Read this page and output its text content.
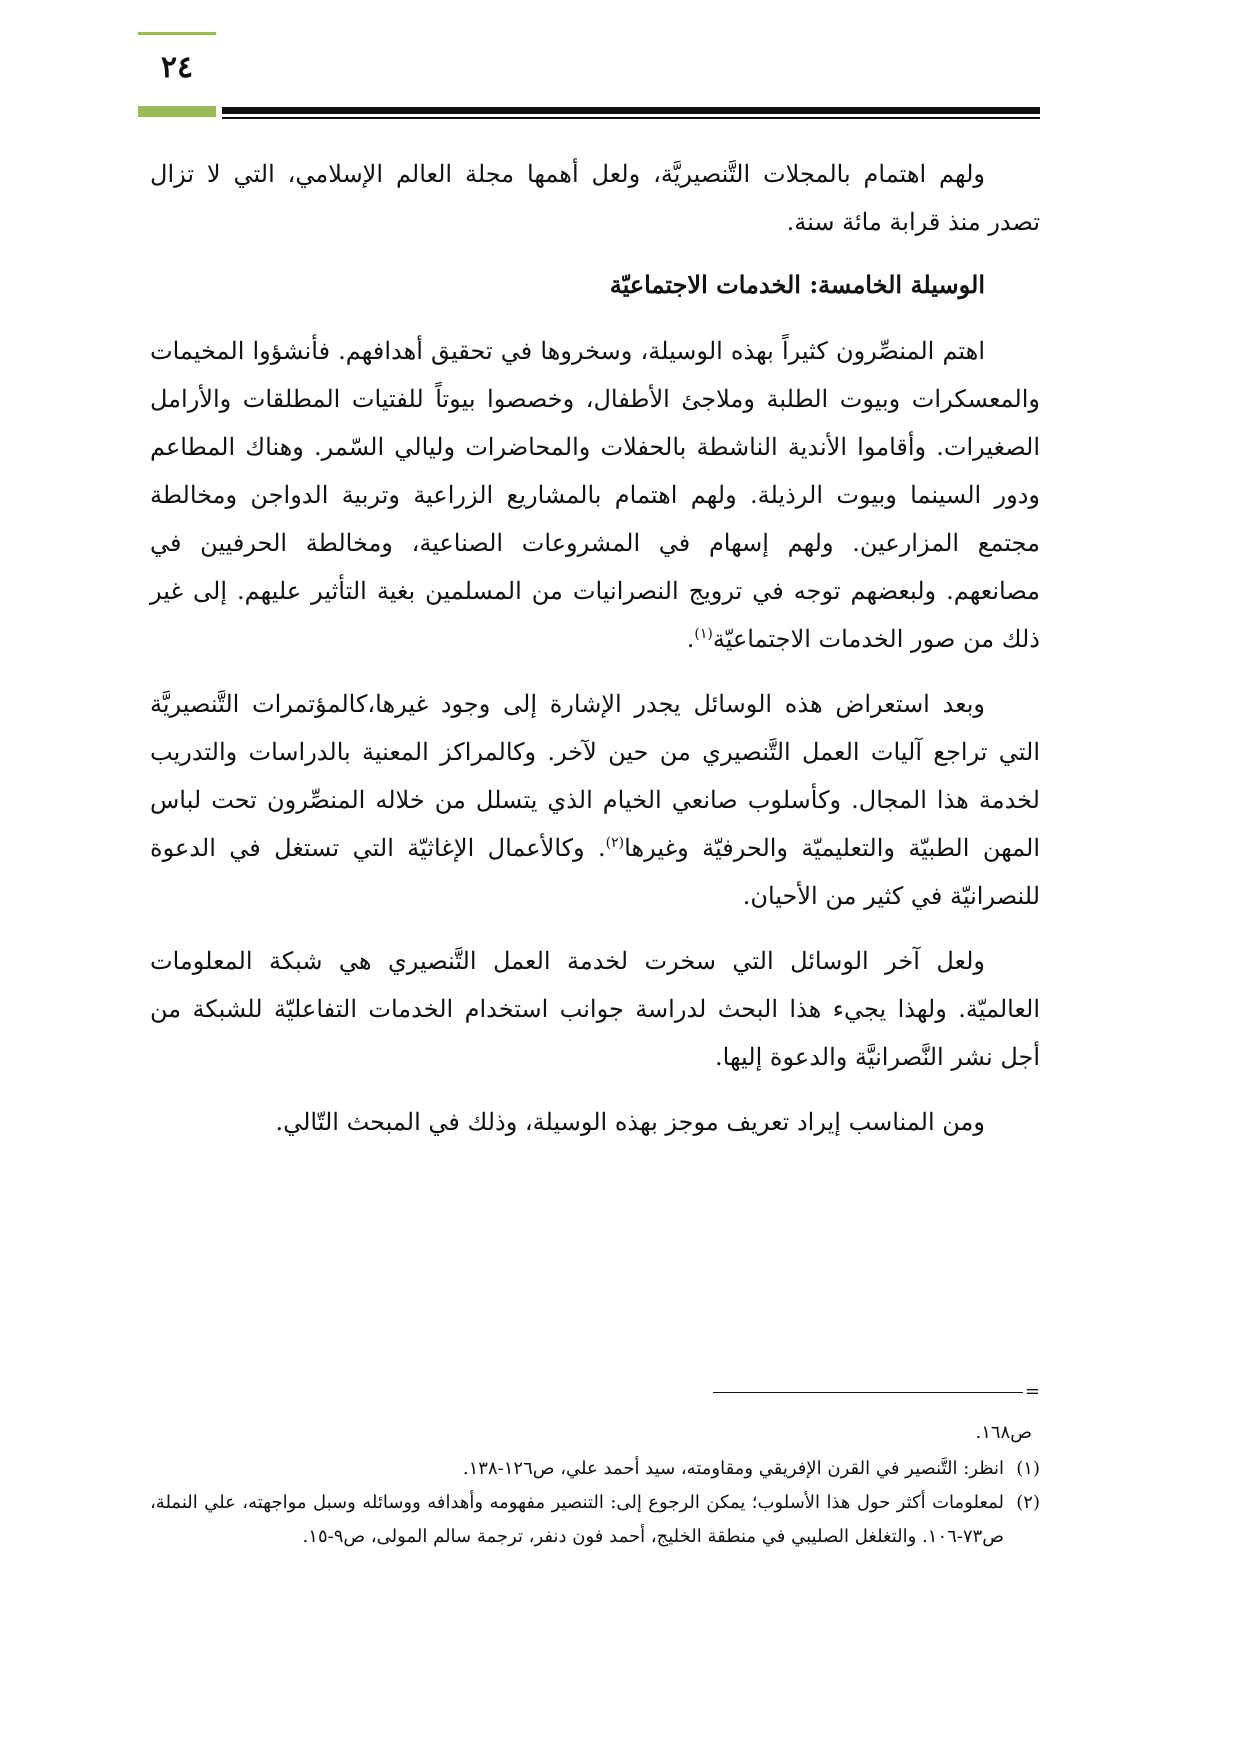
٢٤

ولهم اهتمام بالمجلات التَّنصيريَّة، ولعل أهمها مجلة العالم الإسلامي، التي لا تزال تصدر منذ قرابة مائة سنة.

الوسيلة الخامسة: الخدمات الاجتماعيّة

اهتم المنصِّرون كثيراً بهذه الوسيلة، وسخروها في تحقيق أهدافهم. فأنشؤوا المخيمات والمعسكرات وبيوت الطلبة وملاجئ الأطفال، وخصصوا بيوتاً للفتيات المطلقات والأرامل الصغيرات. وأقاموا الأندية الناشطة بالحفلات والمحاضرات وليالي السّمر. وهناك المطاعم ودور السينما وبيوت الرذيلة. ولهم اهتمام بالمشاريع الزراعية وتربية الدواجن ومخالطة مجتمع المزارعين. ولهم إسهام في المشروعات الصناعية، ومخالطة الحرفيين في مصانعهم. ولبعضهم توجه في ترويج النصرانيات من المسلمين بغية التأثير عليهم. إلى غير ذلك من صور الخدمات الاجتماعيّة$^{(١)}$.

وبعد استعراض هذه الوسائل يجدر الإشارة إلى وجود غيرها،كالمؤتمرات التَّنصيريَّة التي تراجع آليات العمل التَّنصيري من حين لآخر. وكالمراكز المعنية بالدراسات والتدريب لخدمة هذا المجال. وكأسلوب صانعي الخيام الذي يتسلل من خلاله المنصِّرون تحت لباس المهن الطبيّة والتعليميّة والحرفيّة وغيرها$^{(٢)}$. وكالأعمال الإغاثيّة التي تستغل في الدعوة للنصرانيّة في كثير من الأحيان.

ولعل آخر الوسائل التي سخرت لخدمة العمل التَّنصيري هي شبكة المعلومات العالميّة. ولهذا يجيء هذا البحث لدراسة جوانب استخدام الخدمات التفاعليّة للشبكة من أجل نشر النَّصرانيَّة والدعوة إليها.

ومن المناسب إيراد تعريف موجز بهذه الوسيلة، وذلك في المبحث التّالي.

=

ص١٦٨.

(١)
انظر: التَّنصير في القرن الإفريقي ومقاومته، سيد أحمد علي، ص١٢٦-١٣٨.

(٢)
لمعلومات أكثر حول هذا الأسلوب؛ يمكن الرجوع إلى: التنصير مفهومه وأهدافه ووسائله وسبل مواجهته، علي النملة، ص٧٣-١٠٦. والتغلغل الصليبي في منطقة الخليج، أحمد فون دنفر، ترجمة سالم المولى، ص٩-١٥.
